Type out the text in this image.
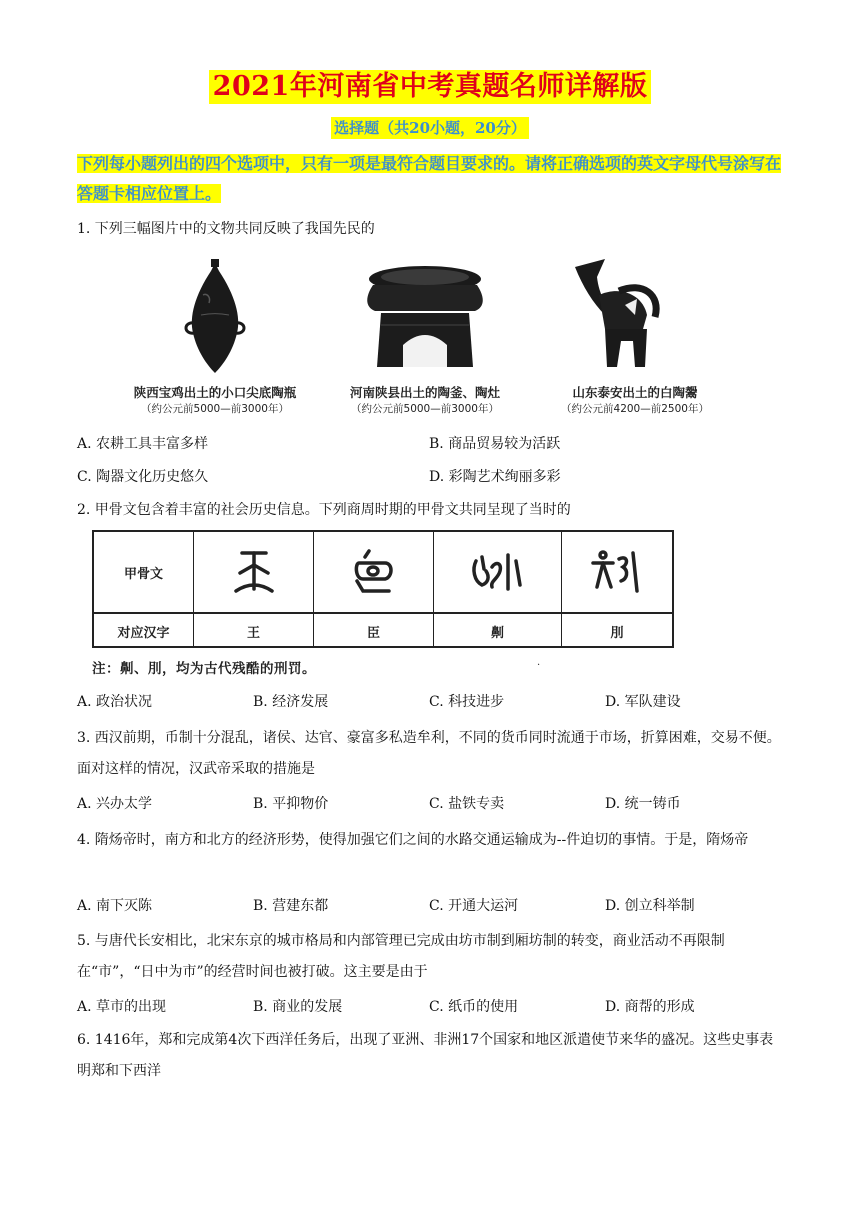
2021年河南省中考真题名师详解版
选择题（共20小题，20分）
下列每小题列出的四个选项中，只有一项是最符合题目要求的。请将正确选项的英文字母代号涂写在答题卡相应位置上。
1. 下列三幅图片中的文物共同反映了我国先民的
陕西宝鸡出土的小口尖底陶瓶
（约公元前5000—前3000年）
河南陕县出土的陶釜、陶灶
（约公元前5000—前3000年）
山东泰安出土的白陶鬶
（约公元前4200—前2500年）
A. 农耕工具丰富多样	B. 商品贸易较为活跃
C. 陶器文化历史悠久	D. 彩陶艺术绚丽多彩
2. 甲骨文包含着丰富的社会历史信息。下列商周时期的甲骨文共同呈现了当时的
甲骨文
对应汉字	王	臣	劓	刖
注：劓、刖，均为古代残酷的刑罚。	·
A. 政治状况	B. 经济发展	C. 科技进步	D. 军队建设
3. 西汉前期，币制十分混乱，诸侯、达官、豪富多私造牟利，不同的货币同时流通于市场，折算困难，交易不便。面对这样的情况，汉武帝采取的措施是
A. 兴办太学	B. 平抑物价	C. 盐铁专卖	D. 统一铸币
4. 隋炀帝时，南方和北方的经济形势，使得加强它们之间的水路交通运输成为--件迫切的事情。于是，隋炀帝
A. 南下灭陈	B. 营建东都	C. 开通大运河	D. 创立科举制
5. 与唐代长安相比，北宋东京的城市格局和内部管理已完成由坊市制到厢坊制的转变，商业活动不再限制在“市”，“日中为市”的经营时间也被打破。这主要是由于
A. 草市的出现	B. 商业的发展	C. 纸币的使用	D. 商帮的形成
6. 1416年，郑和完成第4次下西洋任务后，出现了亚洲、非洲17个国家和地区派遣使节来华的盛况。这些史事表明郑和下西洋
